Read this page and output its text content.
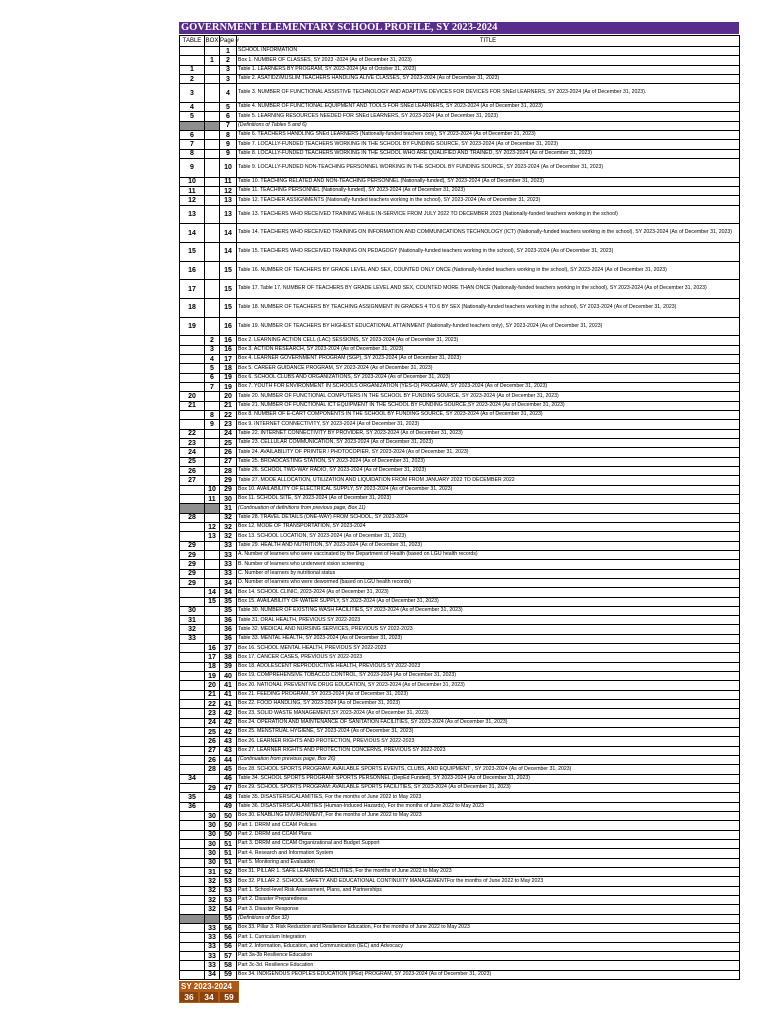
GOVERNMENT ELEMENTARY SCHOOL PROFILE, SY 2023-2024
TABLE	BOX	Page #	TITLE
		1	SCHOOL INFORMATION
	1	2	Box 1. NUMBER OF CLASSES, SY 2023 -2024 (As of December 31, 2023)
1		3	Table 1. LEARNERS BY PROGRAM, SY 2023-2024 (As of October 31, 2023)
2		3	Table 2. ASATIDZ/MUSLIM TEACHERS HANDLING ALIVE CLASSES, SY 2023-2024 (As of December 31, 2023)
3		4	Table 3. NUMBER OF FUNCTIONAL ASSISTIVE TECHNOLOGY AND ADAPTIVE DEVICES FOR DEVICES FOR SNEd LEARNERS, SY 2023-2024 (As of December 31, 2023).
4		5	Table 4. NUMBER OF FUNCTIONAL EQUIPMENT AND TOOLS FOR SNEd LEARNERS, SY 2023-2024 (As of December 31, 2023)
5		6	Table 5. LEARNING RESOURCES NEEDED FOR SNEd LEARNERS, SY 2023-2024 (As of December 31, 2023)
		7	(Definitions of Tables 5 and 6)
6		8	Table 6. TEACHERS HANDLING SNEd LEARNERS (Nationally-funded teachers only), SY 2023-2024 (As of December 31, 2023)
7		9	Table 7. LOCALLY-FUNDED TEACHERS WORKING IN THE SCHOOL BY FUNDING SOURCE, SY 2023-2024 (As of December 31, 2023)
8		9	Table 8. LOCALLY-FUNDED TEACHERS WORKING IN THE SCHOOL WHO ARE QUALIFIED AND TRAINED, SY 2023-2024 (As of December 31, 2023)
9		10	Table 9. LOCALLY-FUNDED NON-TEACHING PERSONNEL WORKING IN THE SCHOOL BY FUNDING SOURCE, SY 2023-2024 (As of December 31, 2023)
10		11	Table 10. TEACHING RELATED AND NON-TEACHING PERSONNEL (Nationally-funded), SY 2023-2024 (As of December 31, 2023)
11		12	Table 11. TEACHING PERSONNEL (Nationally-funded), SY 2023-2024 (As of December 31, 2023)
12		13	Table 12. TEACHER ASSIGNMENTS (Nationally-funded teachers working in the school), SY 2023-2024 (As of December 31, 2023)
13		13	Table 13. TEACHERS WHO RECEIVED TRAINING WHILE IN-SERVICE FROM JULY 2022 TO DECEMBER 2023 (Nationally-funded teachers working in the school)
14		14	Table 14. TEACHERS WHO RECEIVED TRAINING ON INFORMATION AND COMMUNICATIONS TECHNOLOGY (ICT) (Nationally-funded teachers working in the school), SY 2023-2024 (As of December 31, 2023)
15		14	Table 15. TEACHERS WHO RECEIVED TRAINING ON PEDAGOGY (Nationally-funded teachers working in the school), SY 2023-2024 (As of December 31, 2023)
16		15	Table 16. NUMBER OF TEACHERS BY GRADE LEVEL AND SEX, COUNTED ONLY ONCE (Nationally-funded teachers working in the school), SY 2023-2024 (As of December 31, 2023)
17		15	Table 17. Table 17. NUMBER OF TEACHERS BY GRADE LEVEL AND SEX, COUNTED MORE THAN ONCE (Nationally-funded teachers working in the school), SY 2023-2024 (As of December 31, 2023)
18		15	Table 18. NUMBER OF TEACHERS BY TEACHING ASSIGNMENT IN GRADES 4 TO 6 BY SEX (Nationally-funded teachers working in the school), SY 2023-2024 (As of December 31, 2023)
19		16	Table 19. NUMBER OF TEACHERS BY HIGHEST EDUCATIONAL ATTAINMENT (Nationally-funded teachers only), SY 2023-2024 (As of December 31, 2023)
	2	16	Box 2. LEARNING ACTION CELL (LAC) SESSIONS, SY 2023-2024 (As of December 31, 2023)
	3	16	Box 3. ACTION RESEARCH, SY 2023-2024 (As of December 31, 2023)
	4	17	Box 4. LEARNER GOVERNMENT PROGRAM (SGP), SY 2023-2024 (As of December 31, 2023)
	5	18	Box 5. CAREER GUIDANCE PROGRAM, SY 2023-2024 (As of December 31, 2023)
	6	19	Box 6. SCHOOL CLUBS AND ORGANIZATIONS, SY 2023-2024 (As of December 31, 2023)
	7	19	Box 7. YOUTH FOR ENVIRONMENT IN SCHOOLS ORGANIZATION (YES-O) PROGRAM, SY 2023-2024 (As of December 31, 2023)
20		20	Table 20. NUMBER OF FUNCTIONAL COMPUTERS IN THE SCHOOL BY FUNDING SOURCE, SY 2023-2024 (As of December 31, 2023)
21		21	Table 21. NUMBER OF FUNCTIONAL ICT EQUIPMENT IN THE SCHOOL BY FUNDING SOURCE,SY 2023-2024 (As of December 31, 2023)
	8	22	Box 8. NUMBER OF E-CART COMPONENTS IN THE SCHOOL BY FUNDING SOURCE, SY 2023-2024 (As of December 31, 2023)
	9	23	Box 9. INTERNET CONNECTIVITY, SY 2023-2024 (As of December 31, 2023)
22		24	Table 22. INTERNET CONNECTIVITY BY PROVIDER, SY 2023-2024 (As of December 31, 2023)
23		25	Table 23. CELLULAR COMMUNICATION, SY 2023-2024 (As of December 31, 2023)
24		26	Table 24. AVAILABILITY OF PRINTER / PHOTOCOPIER, SY 2023-2024 (As of December 31, 2023)
25		27	Table 25. BROADCASTING STATION, SY 2023-2024 (As of December 31, 2023)
26		28	Table 26. SCHOOL TWO-WAY RADIO, SY 2023-2024 (As of December 31, 2023)
27		29	Table 27. MOOE ALLOCATION, UTILIZATION AND LIQUIDATION FROM FROM JANUARY 2022 TO DECEMBER 2022
	10	29	Box 10. AVAILABILITY OF ELECTRICAL SUPPLY, SY 2023-2024 (As of December 31, 2023)
	11	30	Box 11. SCHOOL SITE, SY 2023-2024 (As of December 31, 2023)
		31	(Continuation of definitions from previous page, Box 11)
28		32	Table 28. TRAVEL DETAILS (ONE-WAY) FROM SCHOOL, SY 2023-2024
	12	32	Box 12. MODE OF TRANSPORTATION, SY 2023-2024
	13	32	Box 13. SCHOOL LOCATION, SY 2023-2024 (As of December 31, 2023)
29		33	Table 29. HEALTH AND NUTRITION, SY 2023-2024 (As of December 31, 2023)
29		33	A. Number of learners who were vaccinated by the Department of Health (based on LGU health records)
29		33	B. Number of learners who underwent vision screening
29		33	C. Number of learners by nutritional status
29		34	D. Number of learners who were dewormed (based on LGU health records)
	14	34	Box 14. SCHOOL CLINIC, 2023-2024 (As of December 31, 2023)
	15	35	Box 15. AVAILABILITY OF WATER SUPPLY, SY 2023-2024 (As of December 31, 2023)
30		35	Table 30. NUMBER OF EXISTING WASH FACILITIES, SY 2023-2024 (As of December 31, 2023)
31		36	Table 31. ORAL HEALTH, PREVIOUS SY 2022-2023
32		36	Table 32. MEDICAL AND NURSING SERVICES, PREVIOUS SY 2022-2023
33		36	Table 33. MENTAL HEALTH, SY 2023-2024 (As of December 31, 2023)
	16	37	Box 16. SCHOOL MENTAL HEALTH, PREVIOUS SY 2022-2023
	17	38	Box 17. CANCER CASES, PREVIOUS SY 2022-2023
	18	39	Box 18. ADOLESCENT REPRODUCTIVE HEALTH, PREVIOUS SY 2022-2023
	19	40	Box 19. COMPREHENSIVE TOBACCO CONTROL, SY 2023-2024 (As of December 31, 2023)
	20	41	Box 20. NATIONAL PREVENTIVE DRUG EDUCATION, SY 2023-2024 (As of December 31, 2023)
	21	41	Box 21. FEEDING PROGRAM, SY 2023-2024 (As of December 31, 2023)
	22	41	Box 22. FOOD HANDLING, SY 2023-2024 (As of December 31, 2023)
	23	42	Box 23. SOLID WASTE MANAGEMENT,SY 2023-2024 (As of December 31, 2023)
	24	42	Box 24. OPERATION AND MAINTENANCE OF SANITATION FACILITIES, SY 2023-2024 (As of December 31, 2023)
	25	42	Box 25. MENSTRUAL HYGIENE, SY 2023-2024 (As of December 31, 2023)
	26	43	Box 26. LEARNER RIGHTS AND PROTECTION, PREVIOUS SY 2022-2023
	27	43	Box 27. LEARNER RIGHTS AND PROTECTION CONCERNS, PREVIOUS SY 2022-2023
	26	44	(Continuation from previous page, Box 26)
	28	45	Box 28. SCHOOL SPORTS PROGRAM: AVAILABLE SPORTS EVENTS, CLUBS, AND EQUIPMENT , SY 2023-2024 (As of December 31, 2023)
34		46	Table 34. SCHOOL SPORTS PROGRAM: SPORTS PERSONNEL (DepEd Funded), SY 2023-2024 (As of December 31, 2023)
	29	47	Box 29. SCHOOL SPORTS PROGRAM: AVAILABLE SPORTS FACILITIES, SY 2023-2024 (As of December 31, 2023)
35		48	Table 35. DISASTERS/CALAMITIES, For the months of June 2022 to May 2023
36		49	Table 36. DISASTERS/CALAMITIES (Human-Induced Hazards), For the months of June 2022 to May 2023
	30	50	Box 30. ENABLING ENVIRONMENT, For the months of June 2022 to May 2023
	30	50	Part 1. DRRM and CCAM Policies
	30	50	Part 2. DRRM and CCAM Plans
	30	51	Part 3. DRRM and CCAM Organizational and Budget Support
	30	51	Part 4. Research and Information System
	30	51	Part 5. Monitoring and Evaluation
	31	52	Box 31. PILLAR 1. SAFE LEARNING FACILITIES, For the months of June 2022 to May 2023
	32	53	Box 32. PILLAR 2. SCHOOL SAFETY AND EDUCATIONAL CONTINUITY MANAGEMENTFor the months of June 2022 to May 2023
	32	53	Part 1. School-level Risk Assessment, Plans, and Partnerships
	32	53	Part 2. Disaster Preparedness
	32	54	Part 3. Disaster Response
		55	(Definitions of Box 32)
	33	56	Box 33. Pillar 3. Risk Reduction and Resilience Education, For the months of June 2022 to May 2023
	33	56	Part 1. Curriculum Integration
	33	56	Part 2. Information, Education, and Communication (IEC) and Advocacy
	33	57	Part 3a-3b Resilience Education
	33	58	Part 3c-3d. Resilience Education
	34	59	Box 34. INDIGENOUS PEOPLES EDUCATION (IPEd) PROGRAM, SY 2023-2024 (As of December 31, 2023)
SY 2023-2024
36	34	59
